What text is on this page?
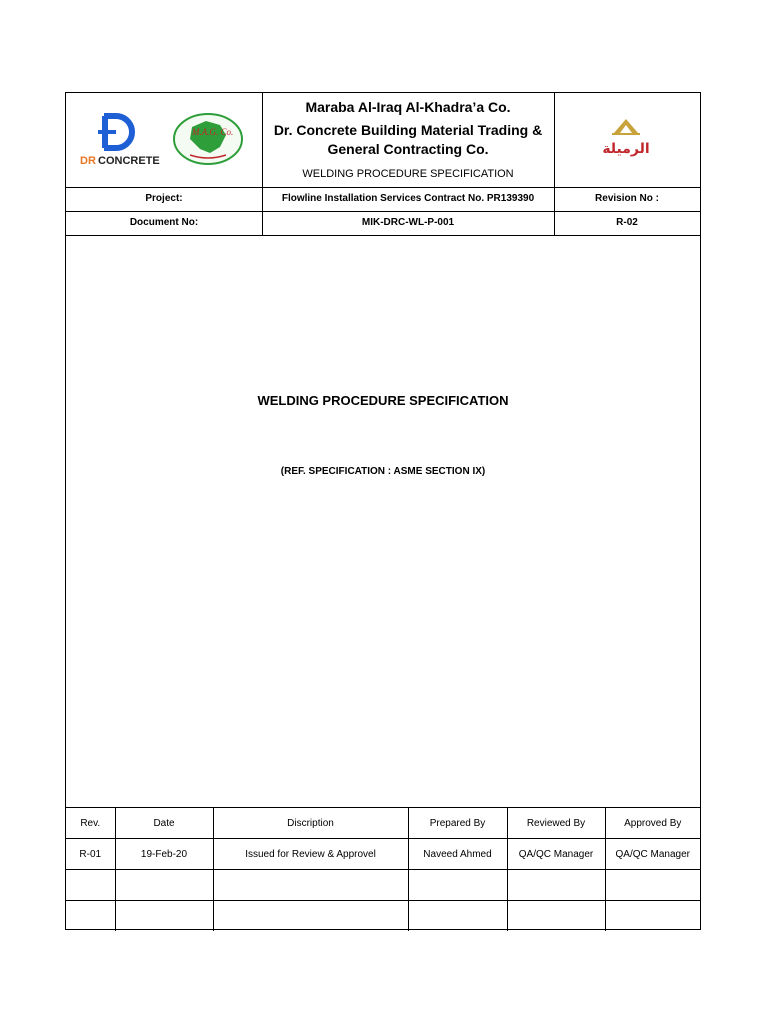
DR CONCRETE
M.A.G. Co.
Maraba Al-Iraq Al-Khadra’a Co.
Dr. Concrete Building Material Trading &
General Contracting Co.
WELDING PROCEDURE SPECIFICATION
الرميلة
Project:	Flowline Installation Services Contract No. PR139390	Revision No :
Document No:	MIK-DRC-WL-P-001	R-02
WELDING PROCEDURE SPECIFICATION
(REF. SPECIFICATION : ASME SECTION IX)
Rev.	Date	Discription	Prepared By	Reviewed By	Approved By
R-01	19-Feb-20	Issued for Review & Approvel	Naveed Ahmed	QA/QC Manager	QA/QC Manager
